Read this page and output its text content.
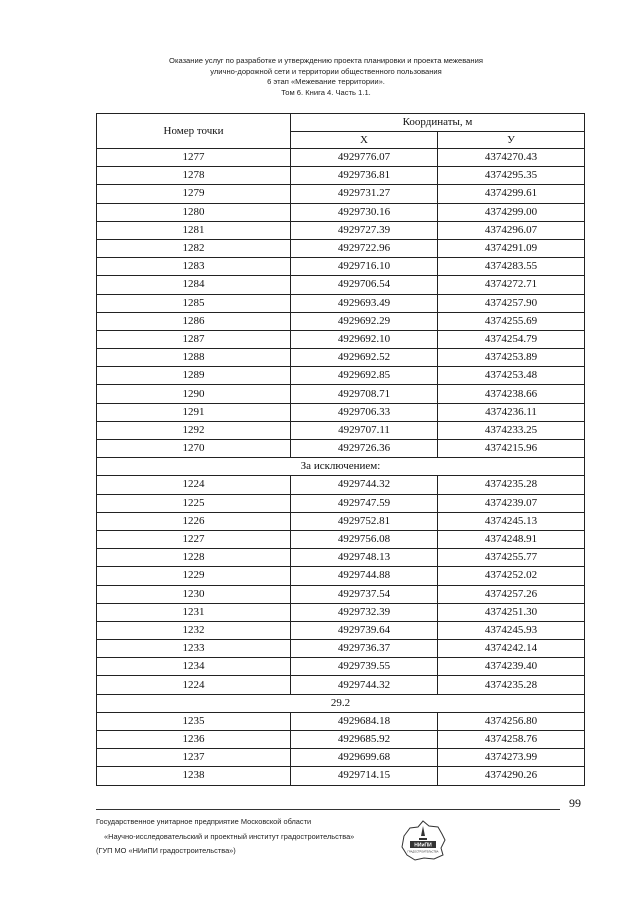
Оказание услуг по разработке и утверждению проекта планировки и проекта межевания
улично-дорожной сети и территории общественного пользования
6 этап «Межевание территории».
Том 6. Книга 4. Часть 1.1.
Номер точки	Координаты, м	
	X	У
1277	4929776.07	4374270.43
1278	4929736.81	4374295.35
1279	4929731.27	4374299.61
1280	4929730.16	4374299.00
1281	4929727.39	4374296.07
1282	4929722.96	4374291.09
1283	4929716.10	4374283.55
1284	4929706.54	4374272.71
1285	4929693.49	4374257.90
1286	4929692.29	4374255.69
1287	4929692.10	4374254.79
1288	4929692.52	4374253.89
1289	4929692.85	4374253.48
1290	4929708.71	4374238.66
1291	4929706.33	4374236.11
1292	4929707.11	4374233.25
1270	4929726.36	4374215.96
За исключением:		
1224	4929744.32	4374235.28
1225	4929747.59	4374239.07
1226	4929752.81	4374245.13
1227	4929756.08	4374248.91
1228	4929748.13	4374255.77
1229	4929744.88	4374252.02
1230	4929737.54	4374257.26
1231	4929732.39	4374251.30
1232	4929739.64	4374245.93
1233	4929736.37	4374242.14
1234	4929739.55	4374239.40
1224	4929744.32	4374235.28
29.2		
1235	4929684.18	4374256.80
1236	4929685.92	4374258.76
1237	4929699.68	4374273.99
1238	4929714.15	4374290.26
99
Государственное унитарное предприятие Московской области
«Научно-исследовательский и проектный институт градостроительства»
(ГУП МО «НИиПИ градостроительства»)
НИиПИ
ГРАДОСТРОИТЕЛЬСТВА
